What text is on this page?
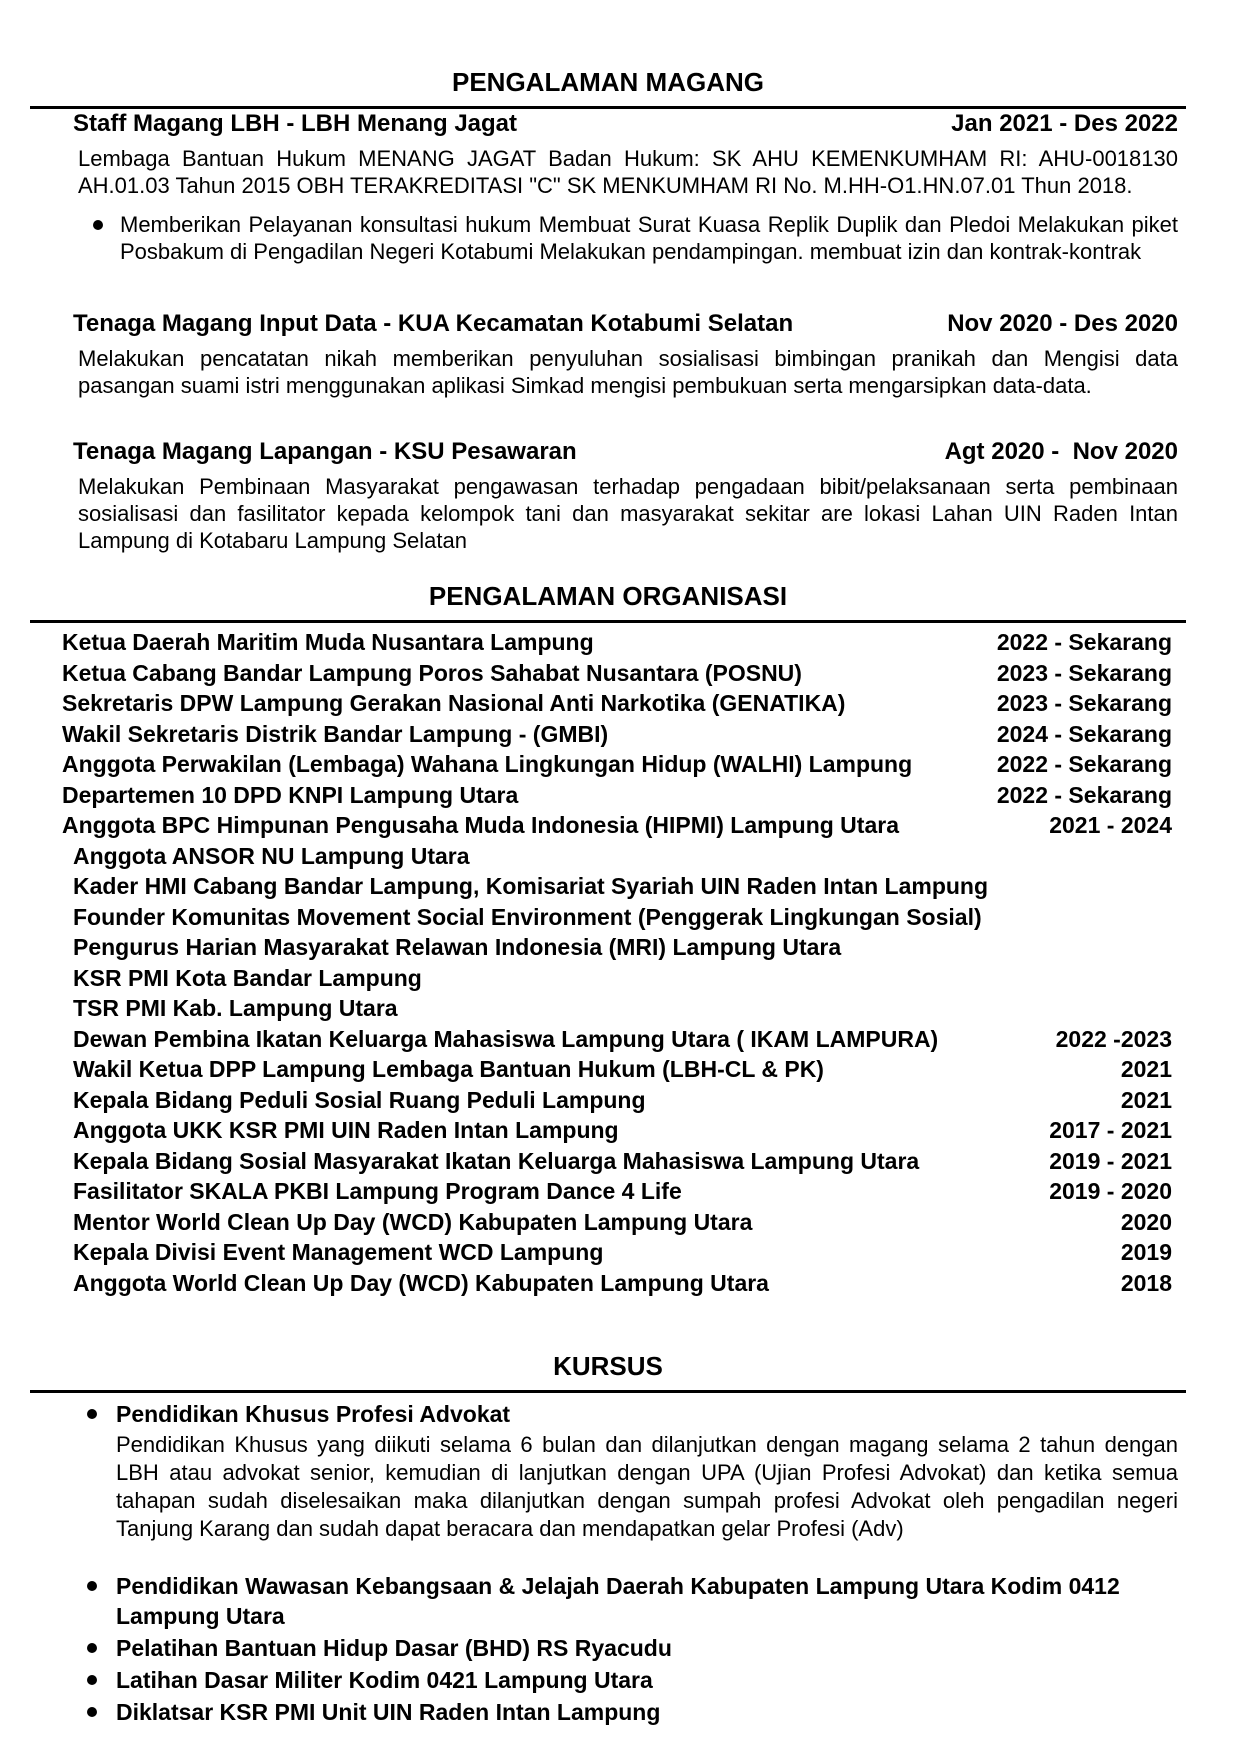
PENGALAMAN MAGANG
Staff Magang LBH - LBH Menang Jagat	Jan 2021 - Des 2022

Lembaga Bantuan Hukum MENANG JAGAT Badan Hukum: SK AHU KEMENKUMHAM RI: AHU-0018130 AH.01.03 Tahun 2015 OBH TERAKREDITASI "C" SK MENKUMHAM RI No. M.HH-O1.HN.07.01 Thun 2018.

Memberikan Pelayanan konsultasi hukum Membuat Surat Kuasa Replik Duplik dan Pledoi Melakukan piket Posbakum di Pengadilan Negeri Kotabumi Melakukan pendampingan. membuat izin dan kontrak-kontrak

Tenaga Magang Input Data - KUA Kecamatan Kotabumi Selatan	Nov 2020 - Des 2020

Melakukan pencatatan nikah memberikan penyuluhan sosialisasi bimbingan pranikah dan Mengisi data pasangan suami istri menggunakan aplikasi Simkad mengisi pembukuan serta mengarsipkan data-data.

Tenaga Magang Lapangan - KSU Pesawaran	Agt 2020 -  Nov 2020

Melakukan Pembinaan Masyarakat pengawasan terhadap pengadaan bibit/pelaksanaan serta pembinaan sosialisasi dan fasilitator kepada kelompok tani dan masyarakat sekitar are lokasi Lahan UIN Raden Intan Lampung di Kotabaru Lampung Selatan

PENGALAMAN ORGANISASI
Ketua Daerah Maritim Muda Nusantara Lampung	2022 - Sekarang
Ketua Cabang Bandar Lampung Poros Sahabat Nusantara (POSNU)	2023 - Sekarang
Sekretaris DPW Lampung Gerakan Nasional Anti Narkotika (GENATIKA)	2023 - Sekarang
Wakil Sekretaris Distrik Bandar Lampung - (GMBI)	2024 - Sekarang
Anggota Perwakilan (Lembaga) Wahana Lingkungan Hidup (WALHI) Lampung	2022 - Sekarang
Departemen 10 DPD KNPI Lampung Utara	2022 - Sekarang
Anggota BPC Himpunan Pengusaha Muda Indonesia (HIPMI) Lampung Utara	2021 - 2024
Anggota ANSOR NU Lampung Utara
Kader HMI Cabang Bandar Lampung, Komisariat Syariah UIN Raden Intan Lampung
Founder Komunitas Movement Social Environment (Penggerak Lingkungan Sosial)
Pengurus Harian Masyarakat Relawan Indonesia (MRI) Lampung Utara
KSR PMI Kota Bandar Lampung
TSR PMI Kab. Lampung Utara
Dewan Pembina Ikatan Keluarga Mahasiswa Lampung Utara ( IKAM LAMPURA)	2022 -2023
Wakil Ketua DPP Lampung Lembaga Bantuan Hukum (LBH-CL & PK)	2021
Kepala Bidang Peduli Sosial Ruang Peduli Lampung	2021
Anggota UKK KSR PMI UIN Raden Intan Lampung	2017 - 2021
Kepala Bidang Sosial Masyarakat Ikatan Keluarga Mahasiswa Lampung Utara	2019 - 2021
Fasilitator SKALA PKBI Lampung Program Dance 4 Life	2019 - 2020
Mentor World Clean Up Day (WCD) Kabupaten Lampung Utara	2020
Kepala Divisi Event Management WCD Lampung	2019
Anggota World Clean Up Day (WCD) Kabupaten Lampung Utara	2018
KURSUS
Pendidikan Khusus Profesi Advokat
Pendidikan Khusus yang diikuti selama 6 bulan dan dilanjutkan dengan magang selama 2 tahun dengan LBH atau advokat senior, kemudian di lanjutkan dengan UPA (Ujian Profesi Advokat) dan ketika semua tahapan sudah diselesaikan maka dilanjutkan dengan sumpah profesi Advokat oleh pengadilan negeri Tanjung Karang dan sudah dapat beracara dan mendapatkan gelar Profesi (Adv)
Pendidikan Wawasan Kebangsaan & Jelajah Daerah Kabupaten Lampung Utara Kodim 0412 Lampung Utara
Pelatihan Bantuan Hidup Dasar (BHD) RS Ryacudu
Latihan Dasar Militer Kodim 0421 Lampung Utara
Diklatsar KSR PMI Unit UIN Raden Intan Lampung
